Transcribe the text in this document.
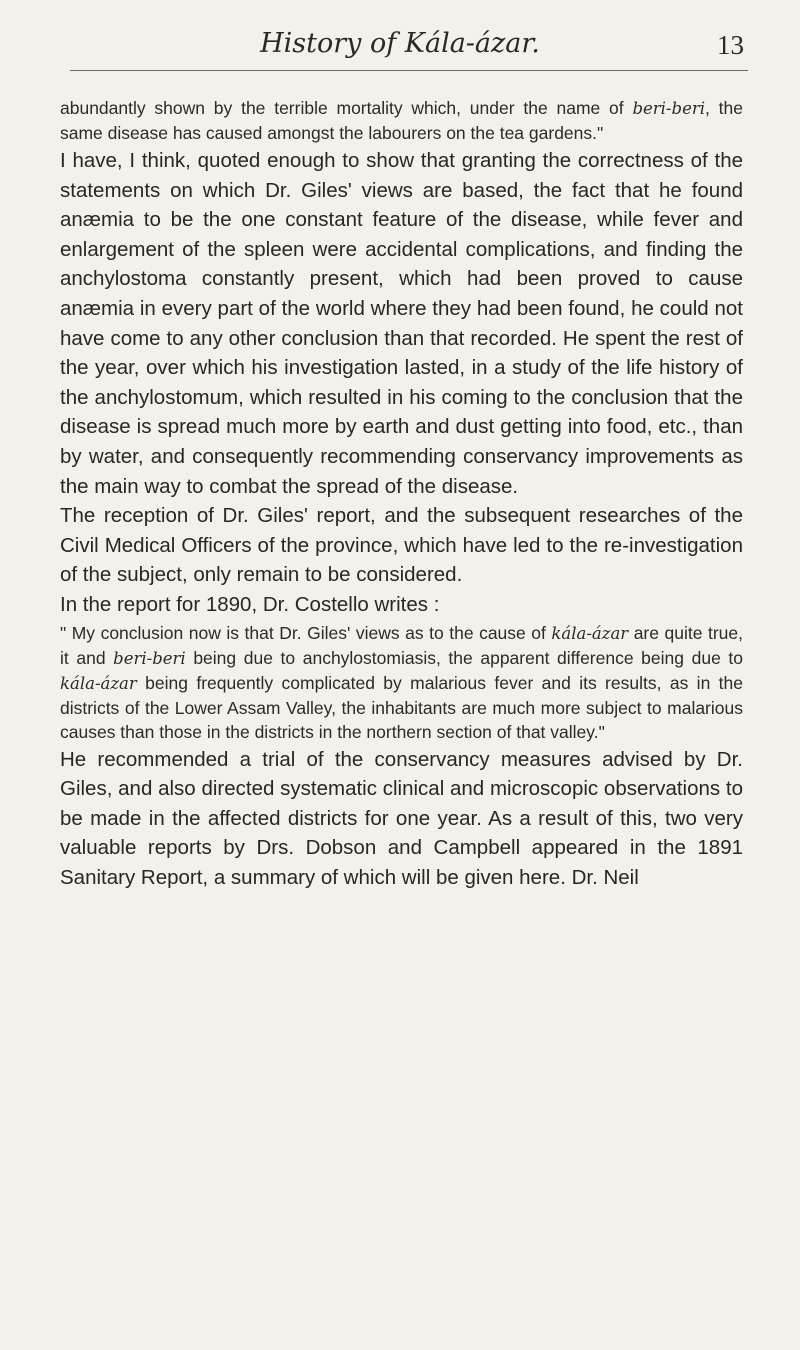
History of Kála-ázar.	13

abundantly shown by the terrible mortality which, under the name of beri-beri, the same disease has caused amongst the labourers on the tea gardens."

I have, I think, quoted enough to show that granting the correctness of the statements on which Dr. Giles' views are based, the fact that he found anæmia to be the one constant feature of the disease, while fever and enlargement of the spleen were accidental complications, and finding the anchylostoma constantly present, which had been proved to cause anæmia in every part of the world where they had been found, he could not have come to any other conclusion than that recorded. He spent the rest of the year, over which his investigation lasted, in a study of the life history of the anchylostomum, which resulted in his coming to the conclusion that the disease is spread much more by earth and dust getting into food, etc., than by water, and consequently recommending conservancy improvements as the main way to combat the spread of the disease.

The reception of Dr. Giles' report, and the subsequent researches of the Civil Medical Officers of the province, which have led to the re-investigation of the subject, only remain to be considered.

In the report for 1890, Dr. Costello writes :

" My conclusion now is that Dr. Giles' views as to the cause of kála-ázar are quite true, it and beri-beri being due to anchylostomiasis, the apparent difference being due to kála-ázar being frequently complicated by malarious fever and its results, as in the districts of the Lower Assam Valley, the inhabitants are much more subject to malarious causes than those in the districts in the northern section of that valley."

He recommended a trial of the conservancy measures advised by Dr. Giles, and also directed systematic clinical and microscopic observations to be made in the affected districts for one year. As a result of this, two very valuable reports by Drs. Dobson and Campbell appeared in the 1891 Sanitary Report, a summary of which will be given here. Dr. Neil
